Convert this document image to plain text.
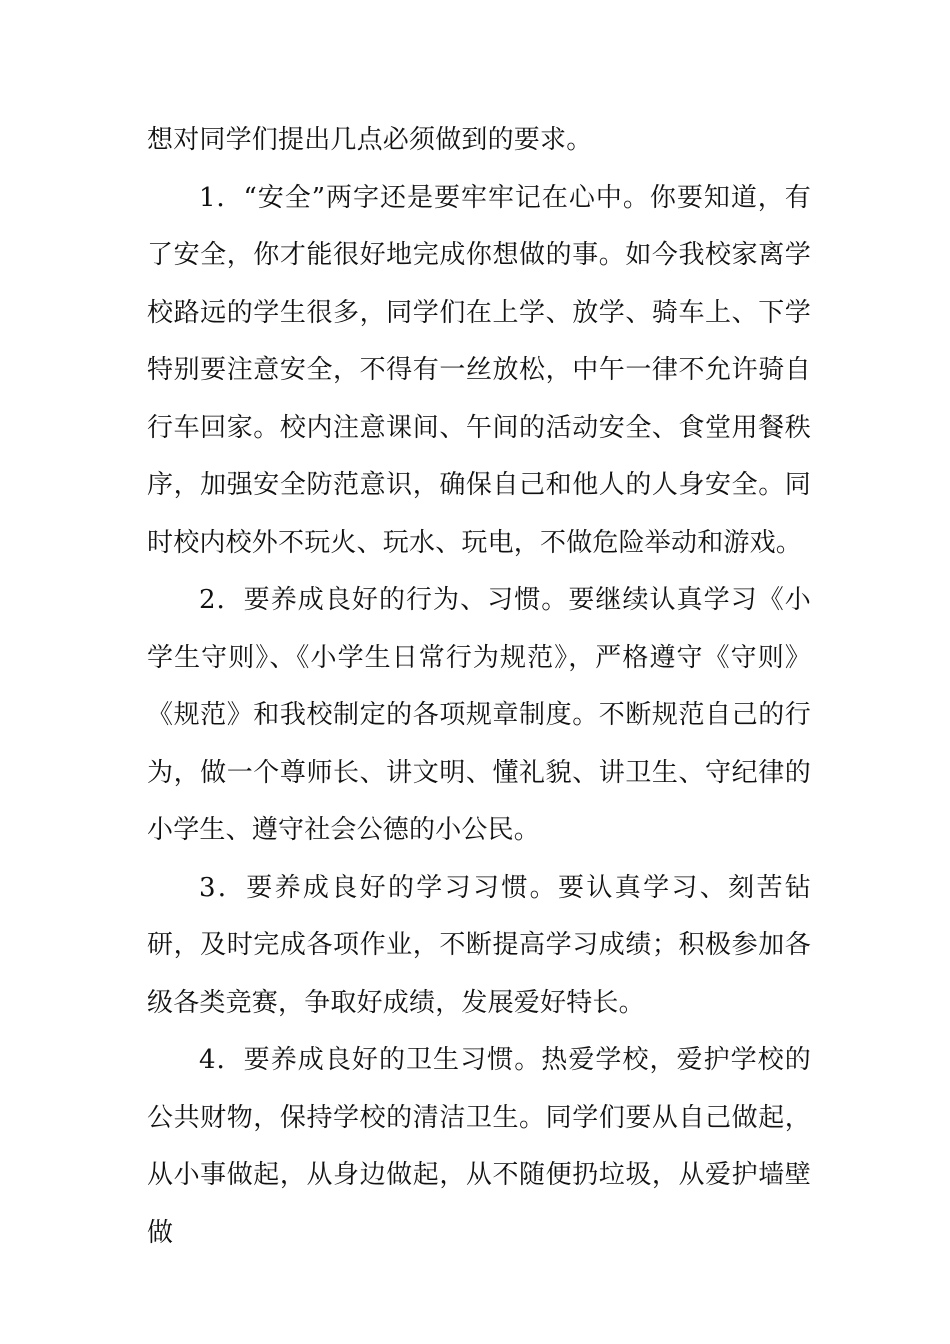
想对同学们提出几点必须做到的要求。

1．“安全”两字还是要牢牢记在心中。你要知道，有了安全，你才能很好地完成你想做的事。如今我校家离学校路远的学生很多，同学们在上学、放学、骑车上、下学特别要注意安全，不得有一丝放松，中午一律不允许骑自行车回家。校内注意课间、午间的活动安全、食堂用餐秩序，加强安全防范意识，确保自己和他人的人身安全。同时校内校外不玩火、玩水、玩电，不做危险举动和游戏。

2．要养成良好的行为、习惯。要继续认真学习《小学生守则》、《小学生日常行为规范》，严格遵守《守则》《规范》和我校制定的各项规章制度。不断规范自己的行为，做一个尊师长、讲文明、懂礼貌、讲卫生、守纪律的小学生、遵守社会公德的小公民。

3．要养成良好的学习习惯。要认真学习、刻苦钻研，及时完成各项作业，不断提高学习成绩；积极参加各级各类竞赛，争取好成绩，发展爱好特长。

4．要养成良好的卫生习惯。热爱学校，爱护学校的公共财物，保持学校的清洁卫生。同学们要从自己做起，从小事做起，从身边做起，从不随便扔垃圾，从爱护墙壁做
